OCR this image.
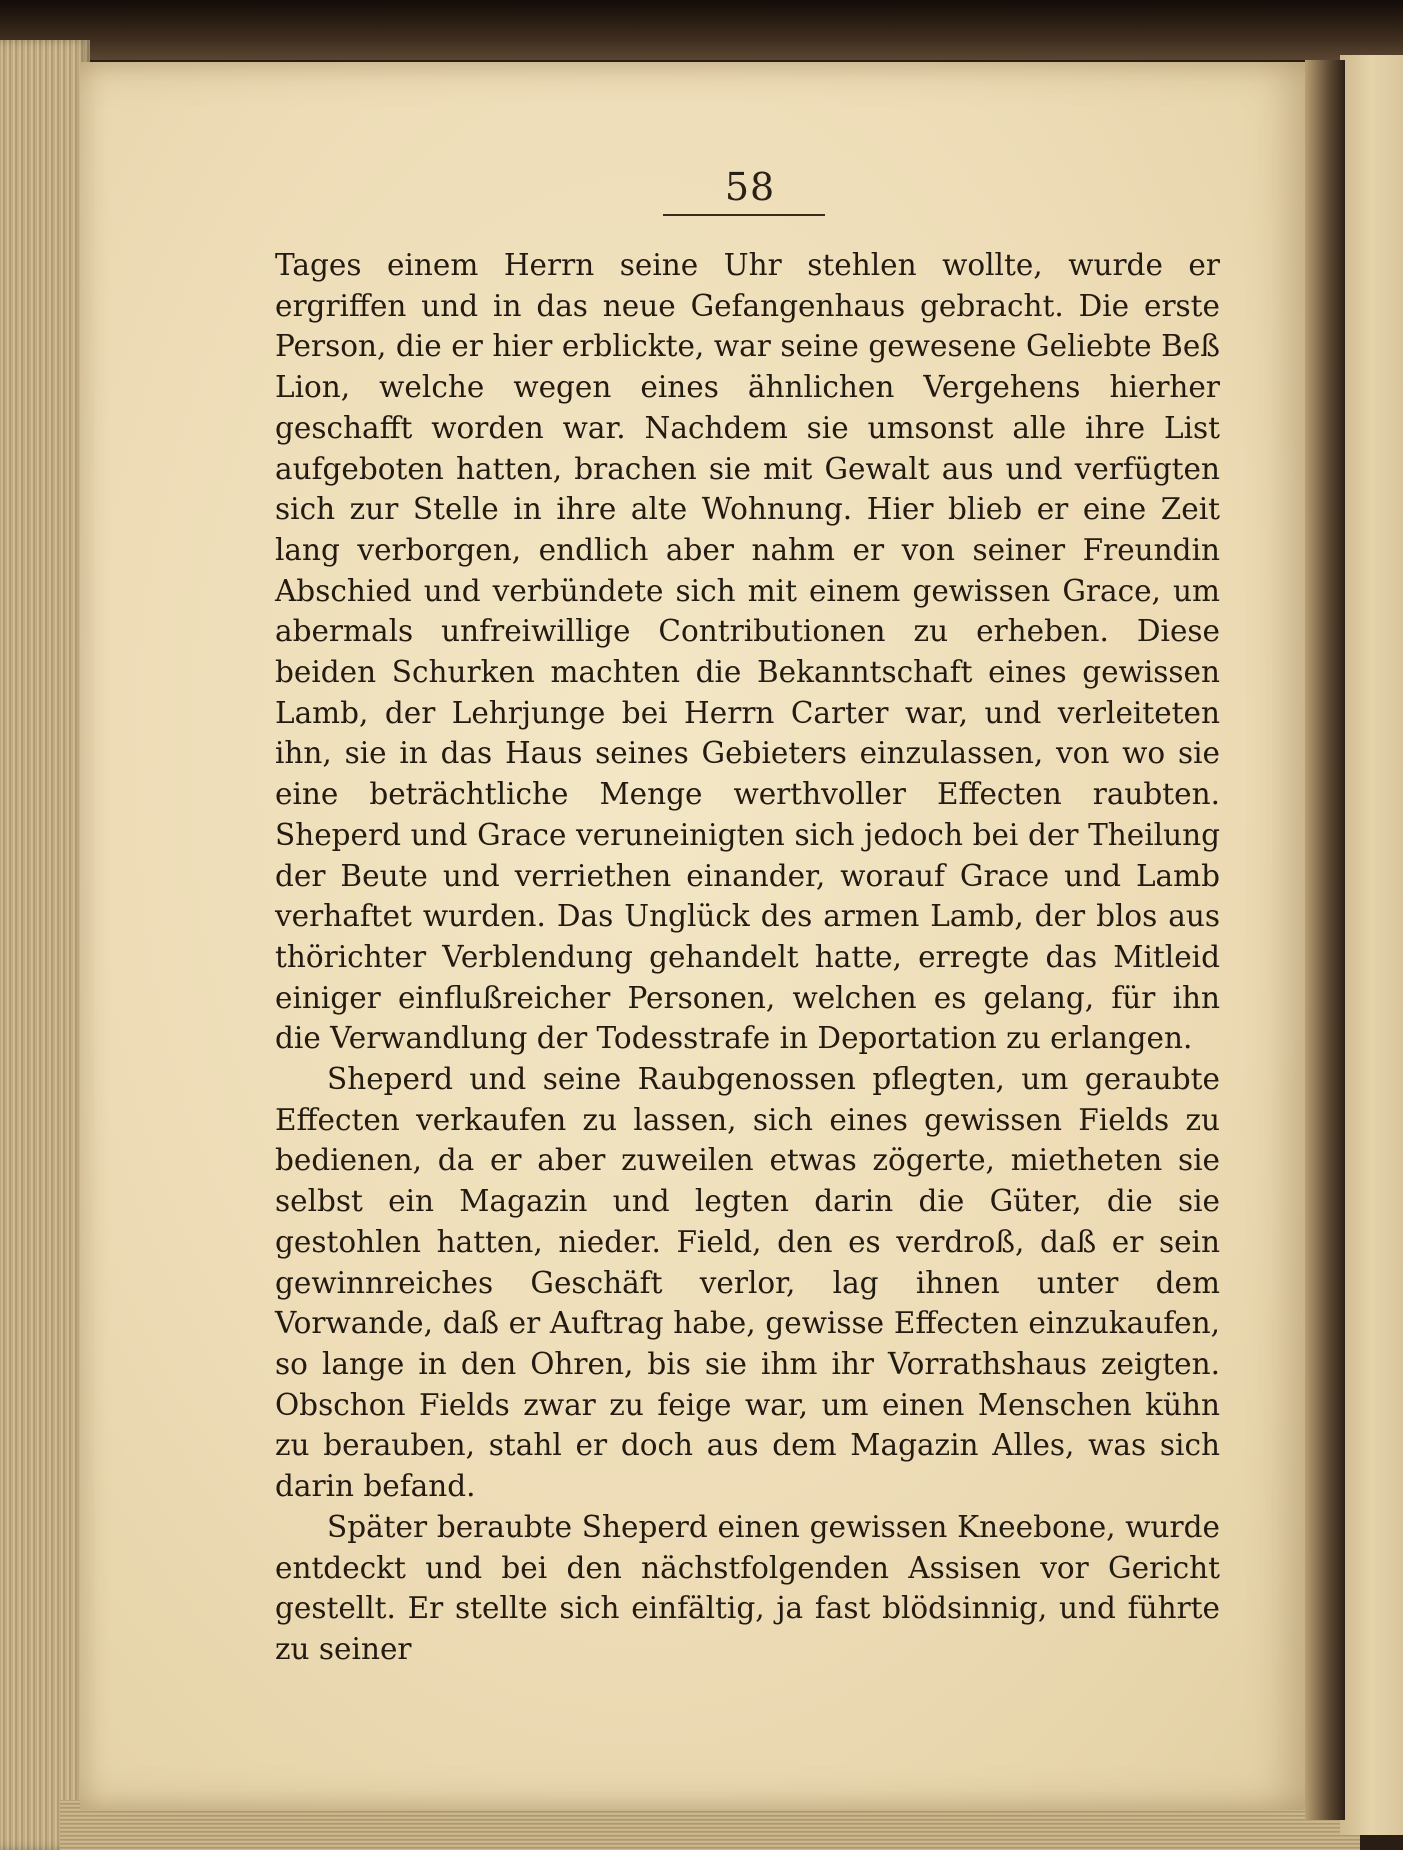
58

Tages einem Herrn seine Uhr stehlen wollte, wurde er ergriffen und in das neue Gefangenhaus gebracht. Die erste Person, die er hier erblickte, war seine gewesene Geliebte Beß Lion, welche wegen eines ähnlichen Vergehens hierher geschafft worden war. Nachdem sie umsonst alle ihre List aufgeboten hatten, brachen sie mit Gewalt aus und verfügten sich zur Stelle in ihre alte Wohnung. Hier blieb er eine Zeit lang verborgen, endlich aber nahm er von seiner Freundin Abschied und verbündete sich mit einem gewissen Grace, um abermals unfreiwillige Contributionen zu erheben. Diese beiden Schurken machten die Bekanntschaft eines gewissen Lamb, der Lehrjunge bei Herrn Carter war, und verleiteten ihn, sie in das Haus seines Gebieters einzulassen, von wo sie eine beträchtliche Menge werthvoller Effecten raubten. Sheperd und Grace veruneinigten sich jedoch bei der Theilung der Beute und verriethen einander, worauf Grace und Lamb verhaftet wurden. Das Unglück des armen Lamb, der blos aus thörichter Verblendung gehandelt hatte, erregte das Mitleid einiger einflußreicher Personen, welchen es gelang, für ihn die Verwandlung der Todesstrafe in Deportation zu erlangen.

Sheperd und seine Raubgenossen pflegten, um geraubte Effecten verkaufen zu lassen, sich eines gewissen Fields zu bedienen, da er aber zuweilen etwas zögerte, mietheten sie selbst ein Magazin und legten darin die Güter, die sie gestohlen hatten, nieder. Field, den es verdroß, daß er sein gewinnreiches Geschäft verlor, lag ihnen unter dem Vorwande, daß er Auftrag habe, gewisse Effecten einzukaufen, so lange in den Ohren, bis sie ihm ihr Vorrathshaus zeigten. Obschon Fields zwar zu feige war, um einen Menschen kühn zu berauben, stahl er doch aus dem Magazin Alles, was sich darin befand.

Später beraubte Sheperd einen gewissen Kneebone, wurde entdeckt und bei den nächstfolgenden Assisen vor Gericht gestellt. Er stellte sich einfältig, ja fast blödsinnig, und führte zu seiner
